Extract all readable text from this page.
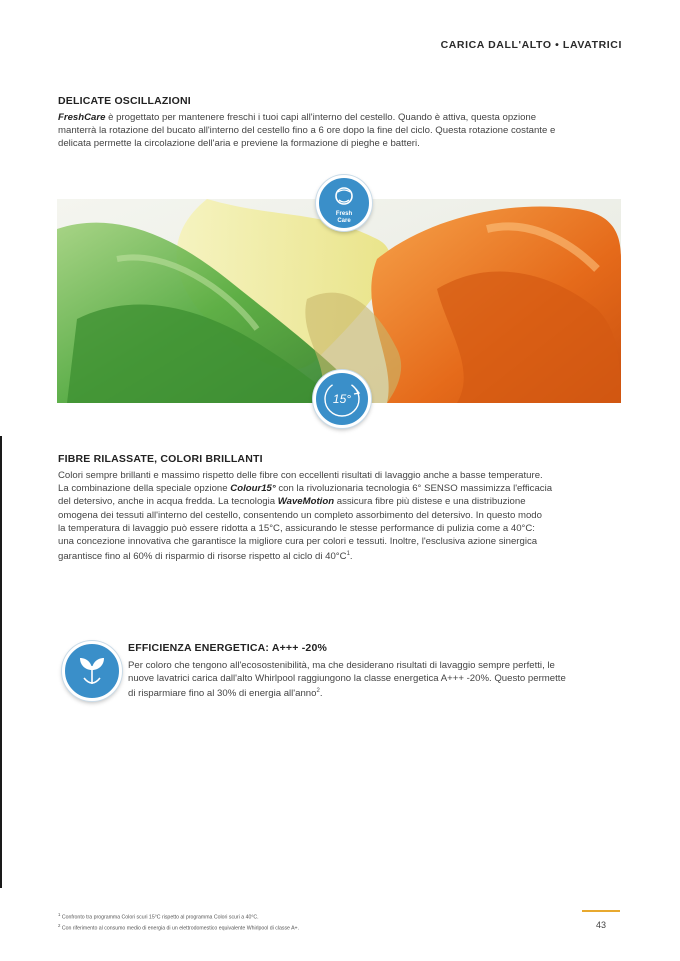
CARICA DALL'ALTO • LAVATRICI
DELICATE OSCILLAZIONI
FreshCare è progettato per mantenere freschi i tuoi capi all'interno del cestello. Quando è attiva, questa opzione
manterrà la rotazione del bucato all'interno del cestello fino a 6 ore dopo la fine del ciclo. Questa rotazione costante e
delicata permette la circolazione dell'aria e previene la formazione di pieghe e batteri.
Fresh
Care
15°
FIBRE RILASSATE, COLORI BRILLANTI
Colori sempre brillanti e massimo rispetto delle fibre con eccellenti risultati di lavaggio anche a basse temperature.
La combinazione della speciale opzione Colour15° con la rivoluzionaria tecnologia 6° SENSO massimizza l'efficacia
del detersivo, anche in acqua fredda. La tecnologia WaveMotion assicura fibre più distese e una distribuzione
omogena dei tessuti all'interno del cestello, consentendo un completo assorbimento del detersivo. In questo modo
la temperatura di lavaggio può essere ridotta a 15°C, assicurando le stesse performance di pulizia come a 40°C:
una concezione innovativa che garantisce la migliore cura per colori e tessuti. Inoltre, l'esclusiva azione sinergica
garantisce fino al 60% di risparmio di risorse rispetto al ciclo di $40^\circ C^1$.
EFFICIENZA ENERGETICA: A+++ -20%
Per coloro che tengono all'ecosostenibilità, ma che desiderano risultati di lavaggio sempre perfetti, le
nuove lavatrici carica dall'alto Whirlpool raggiungono la classe energetica A+++ -20%. Questo permette
di risparmiare fino al 30% di energia all'anno$^2$.
$^1$ Confronto tra programma Colori scuri 15°C rispetto al programma Colori scuri a 40°C.
$^2$ Con riferimento al consumo medio di energia di un elettrodomestico equivalente Whirlpool di classe A+.	43
